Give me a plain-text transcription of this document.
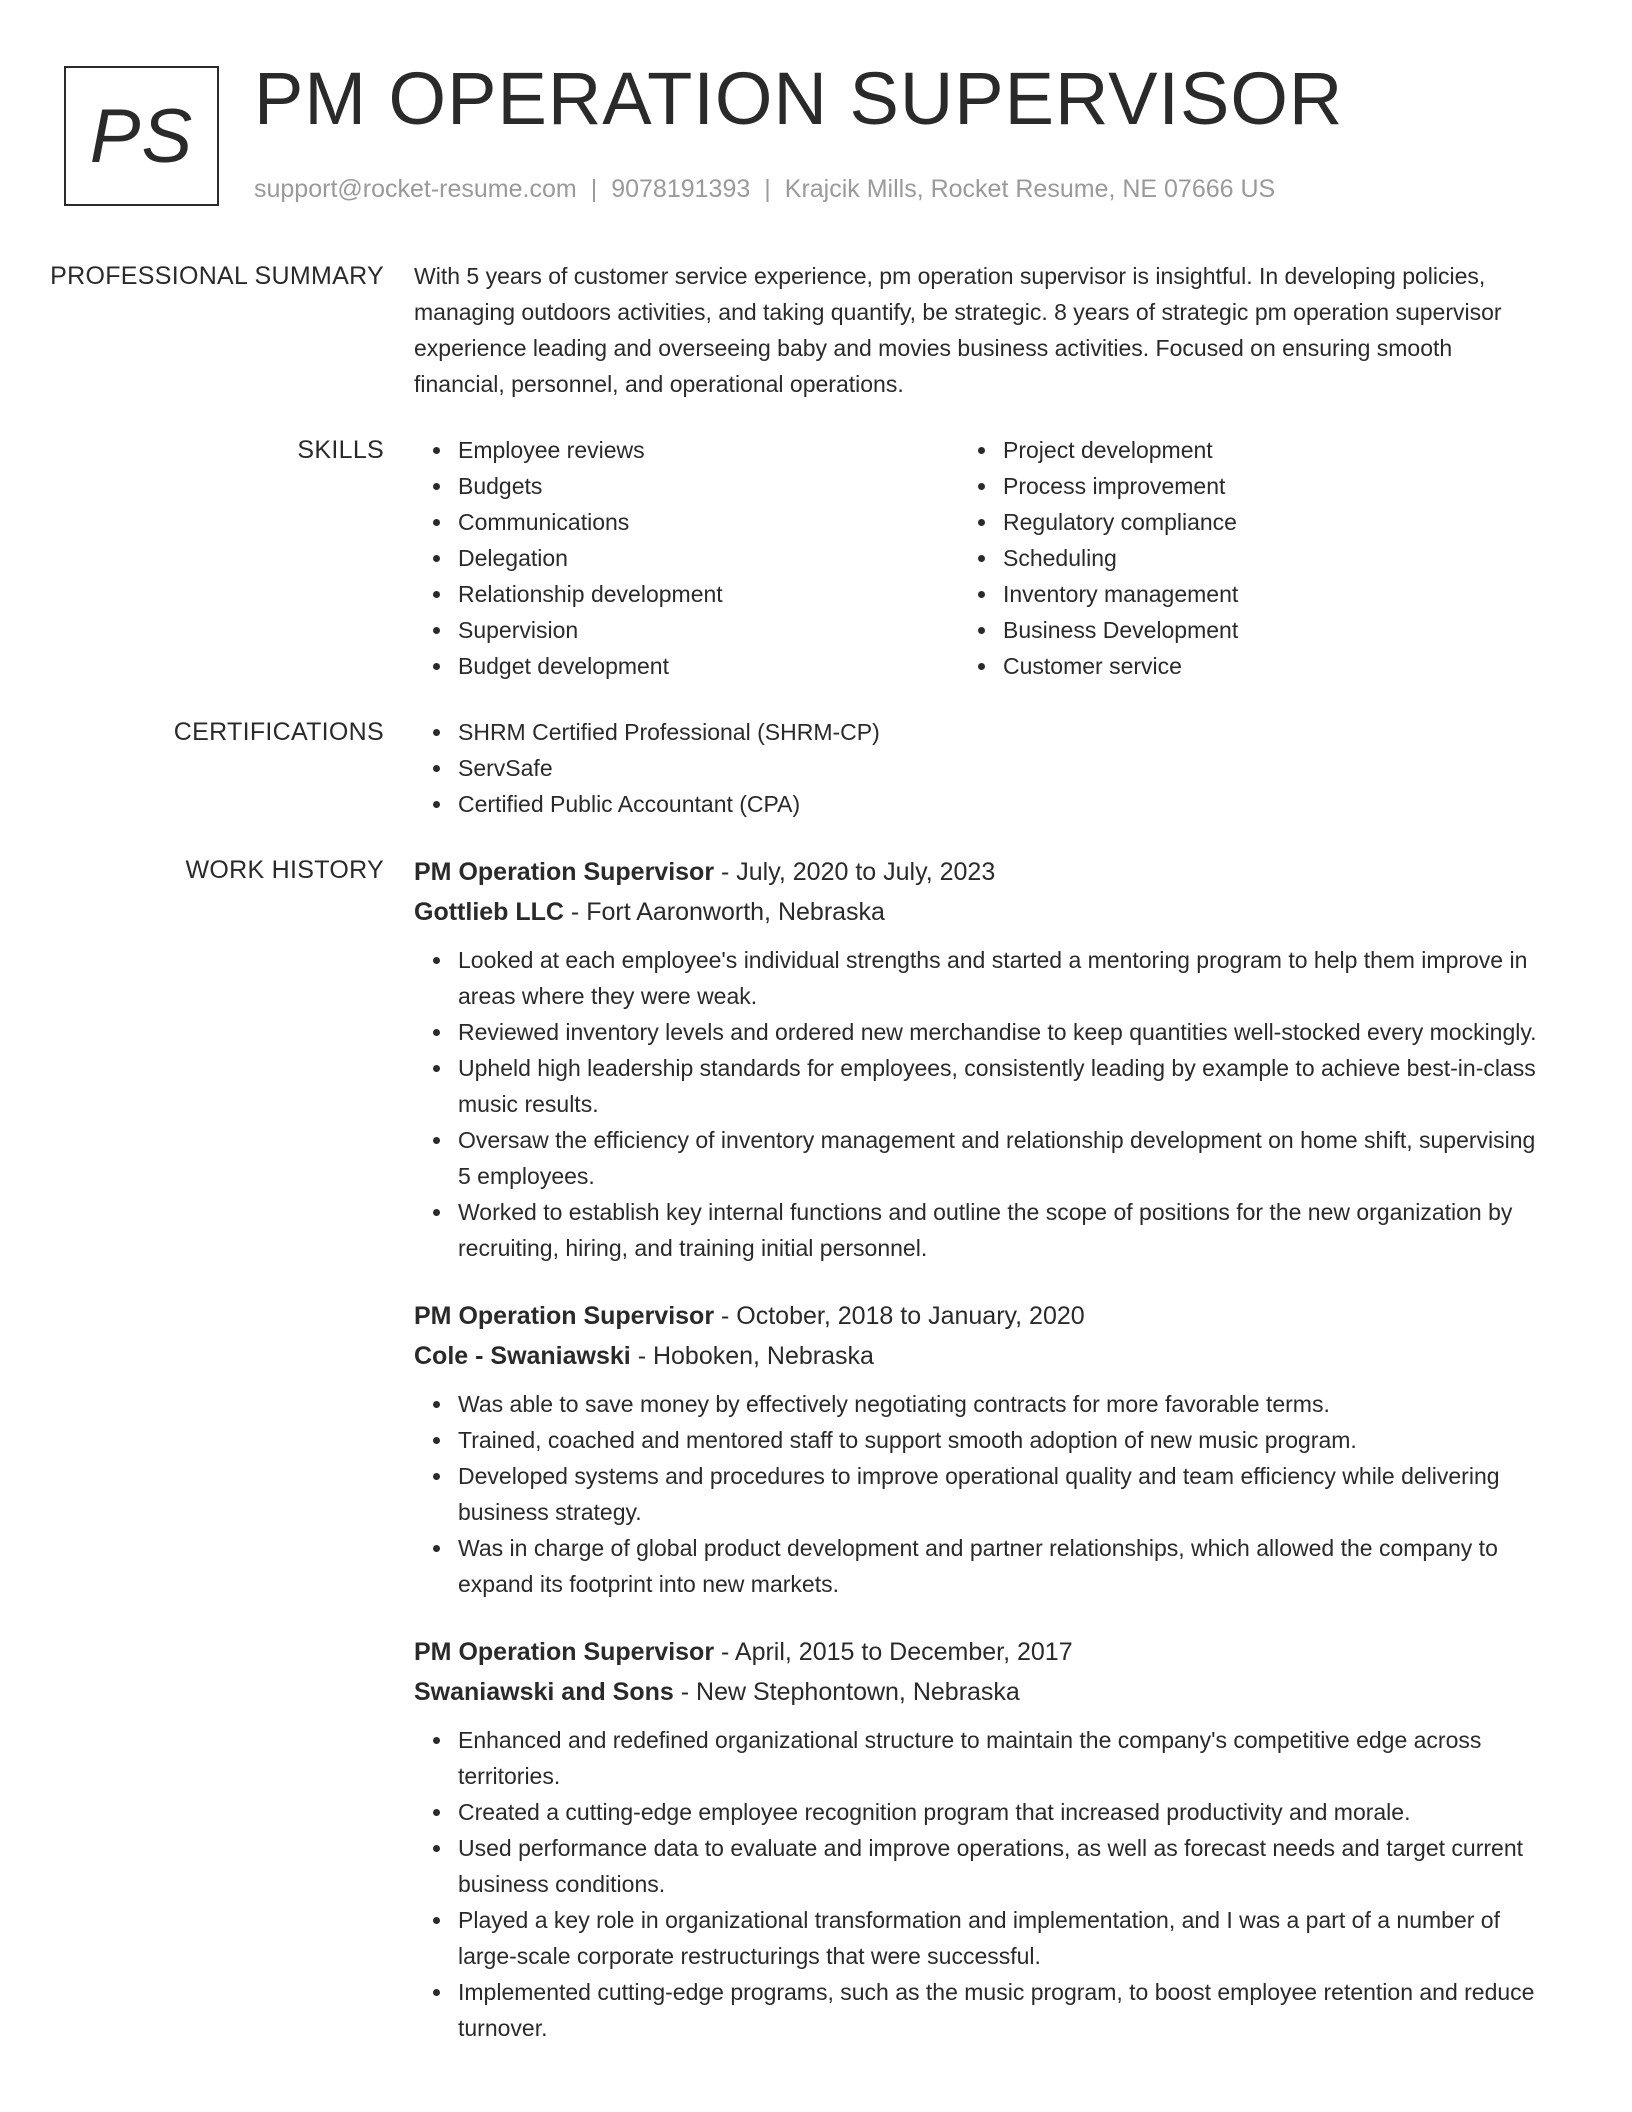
PS PM OPERATION SUPERVISOR
support@rocket-resume.com | 9078191393 | Krajcik Mills, Rocket Resume, NE 07666 US
PROFESSIONAL SUMMARY	With 5 years of customer service experience, pm operation supervisor is insightful. In developing policies, managing outdoors activities, and taking quantify, be strategic. 8 years of strategic pm operation supervisor experience leading and overseeing baby and movies business activities. Focused on ensuring smooth financial, personnel, and operational operations.

SKILLS	Employee reviews
Budgets
Communications
Delegation
Relationship development
Supervision
Budget development
Project development
Process improvement
Regulatory compliance
Scheduling
Inventory management
Business Development
Customer service
CERTIFICATIONS	SHRM Certified Professional (SHRM-CP)
ServSafe
Certified Public Accountant (CPA)
WORK HISTORY	PM Operation Supervisor - July, 2020 to July, 2023
Gottlieb LLC - Fort Aaronworth, Nebraska
Looked at each employee's individual strengths and started a mentoring program to help them improve in areas where they were weak.
Reviewed inventory levels and ordered new merchandise to keep quantities well-stocked every mockingly.
Upheld high leadership standards for employees, consistently leading by example to achieve best-in-class music results.
Oversaw the efficiency of inventory management and relationship development on home shift, supervising 5 employees.
Worked to establish key internal functions and outline the scope of positions for the new organization by recruiting, hiring, and training initial personnel.
PM Operation Supervisor - October, 2018 to January, 2020
Cole - Swaniawski - Hoboken, Nebraska
Was able to save money by effectively negotiating contracts for more favorable terms.
Trained, coached and mentored staff to support smooth adoption of new music program.
Developed systems and procedures to improve operational quality and team efficiency while delivering business strategy.
Was in charge of global product development and partner relationships, which allowed the company to expand its footprint into new markets.
PM Operation Supervisor - April, 2015 to December, 2017
Swaniawski and Sons - New Stephontown, Nebraska
Enhanced and redefined organizational structure to maintain the company's competitive edge across territories.
Created a cutting-edge employee recognition program that increased productivity and morale.
Used performance data to evaluate and improve operations, as well as forecast needs and target current business conditions.
Played a key role in organizational transformation and implementation, and I was a part of a number of large-scale corporate restructurings that were successful.
Implemented cutting-edge programs, such as the music program, to boost employee retention and reduce turnover.
